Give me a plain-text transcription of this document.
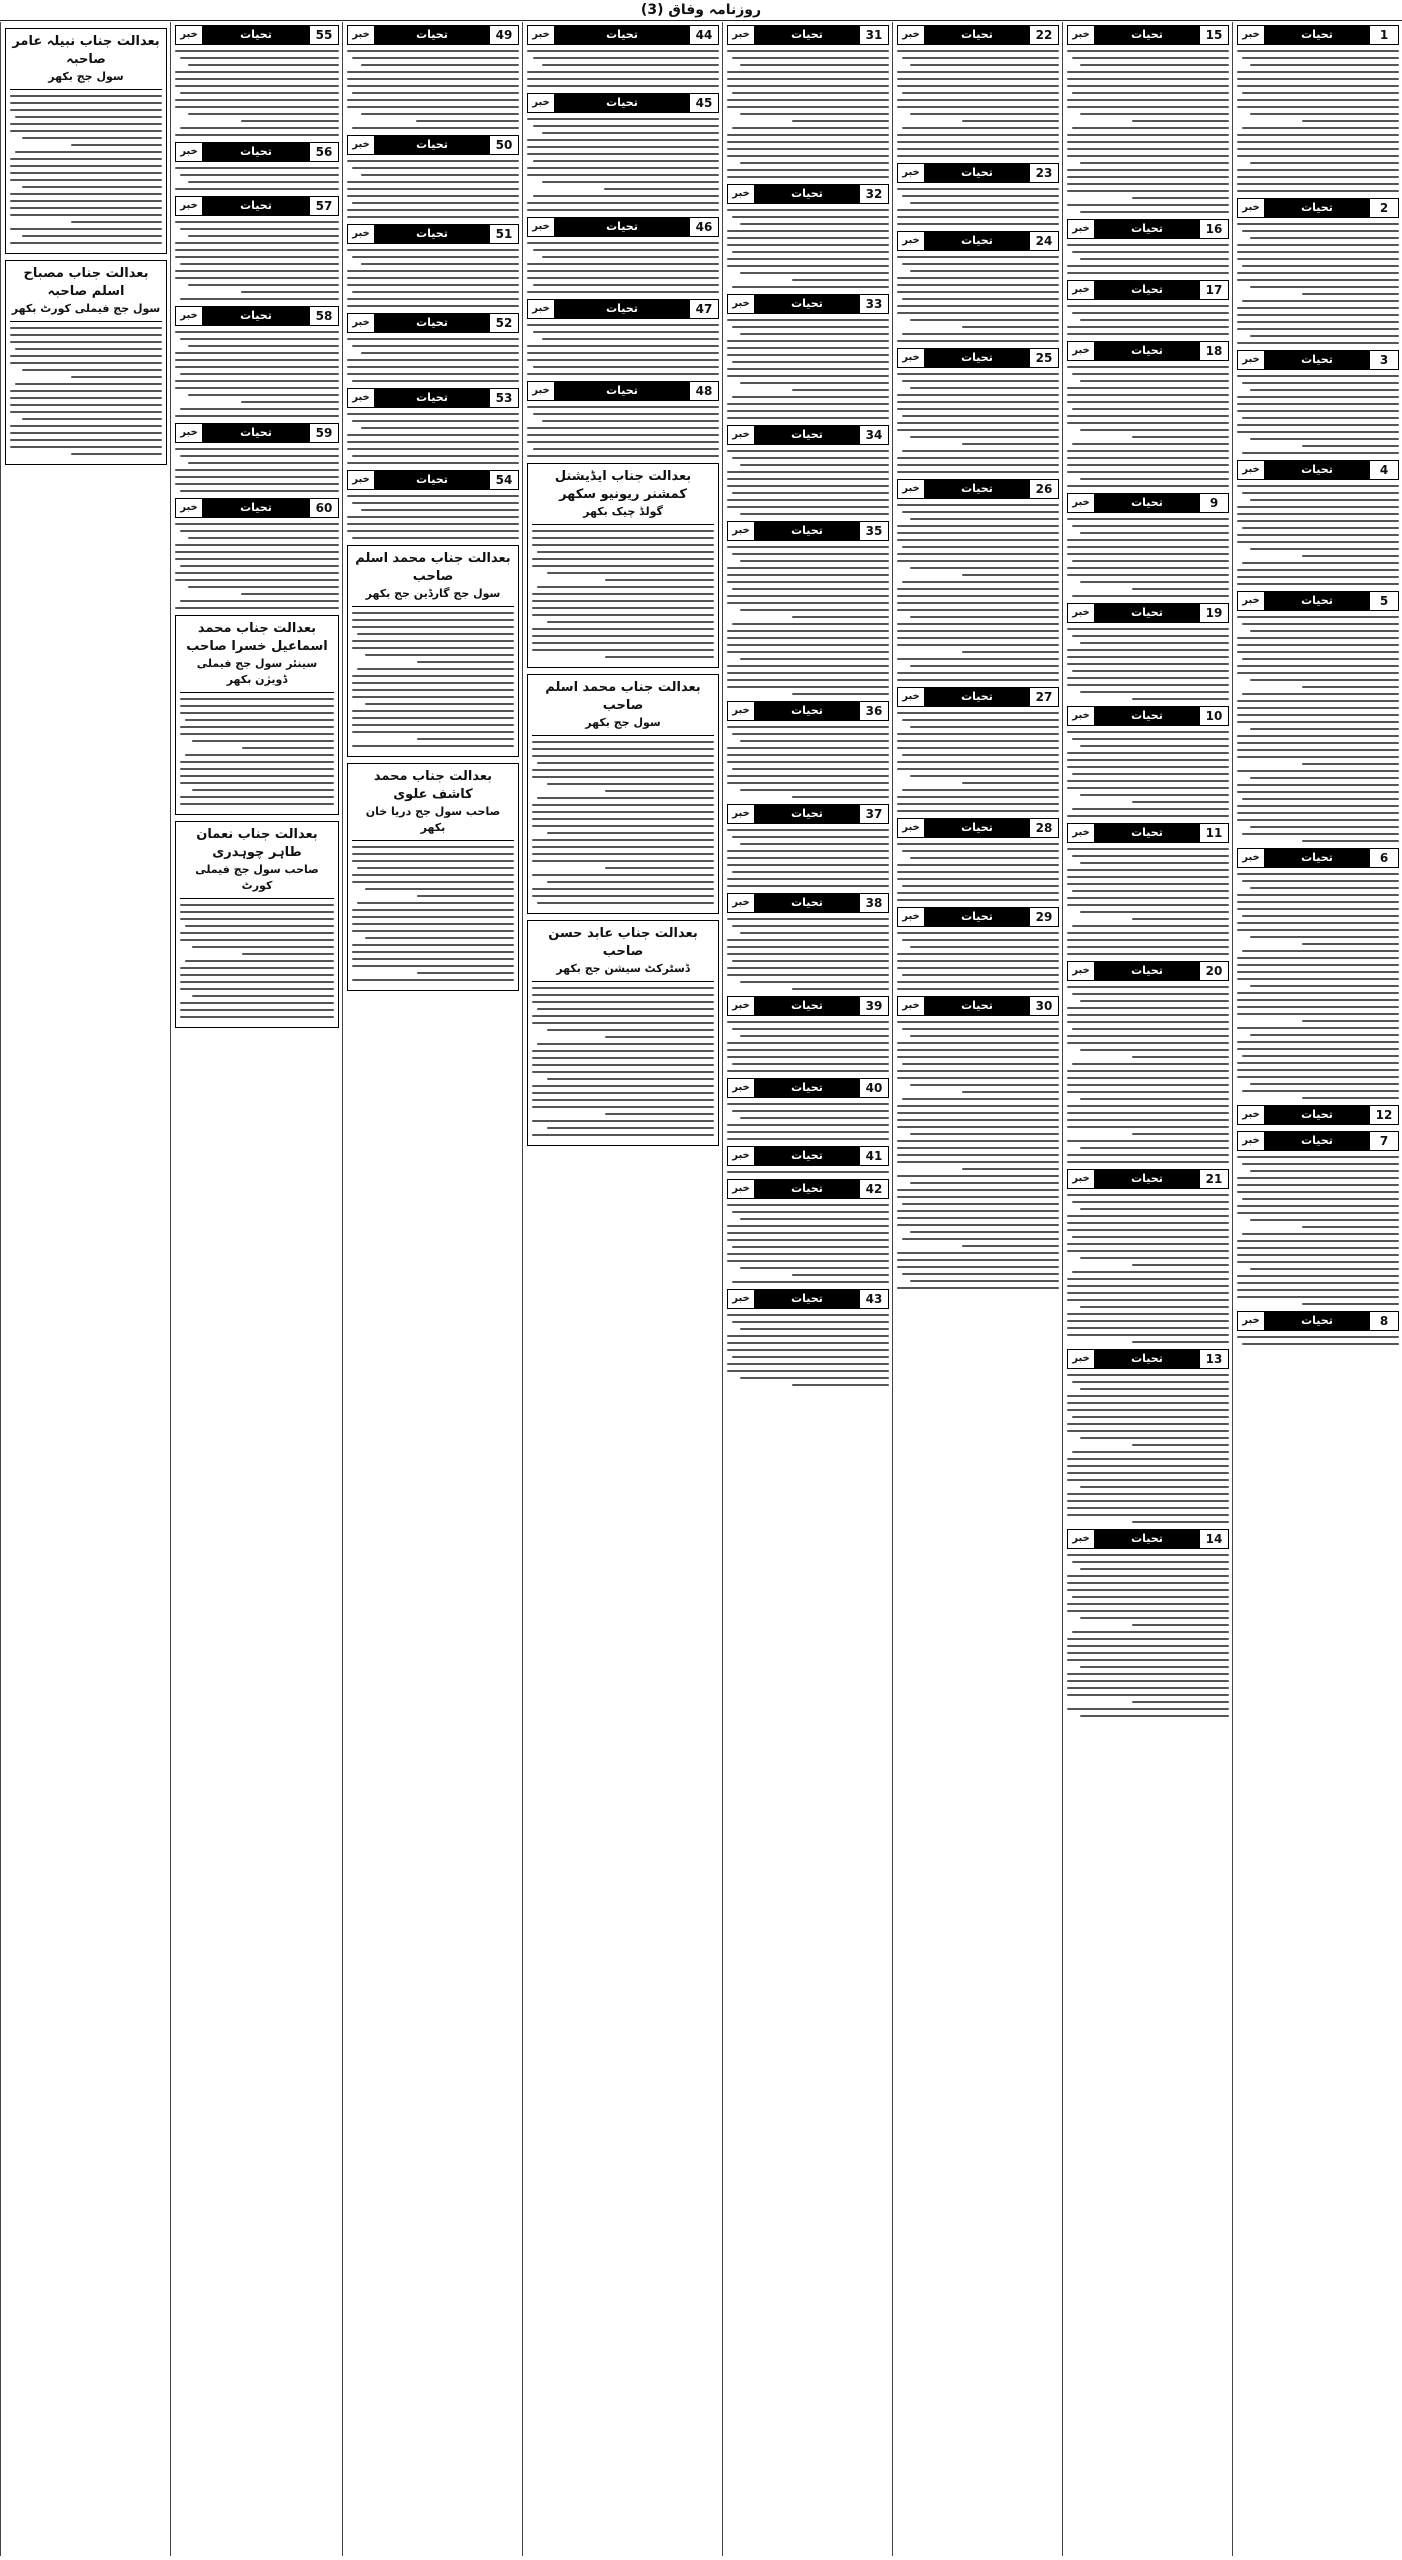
روزنامہ وفاق (3)
1
تحیات
خبر
2
تحیات
خبر
3
تحیات
خبر
4
تحیات
خبر
5
تحیات
خبر
6
تحیات
خبر
12
تحیات
خبر
7
تحیات
خبر
8
تحیات
خبر
15
تحیات
خبر
16
تحیات
خبر
17
تحیات
خبر
18
تحیات
خبر
9
تحیات
خبر
19
تحیات
خبر
10
تحیات
خبر
11
تحیات
خبر
20
تحیات
خبر
21
تحیات
خبر
13
تحیات
خبر
14
تحیات
خبر
22
تحیات
خبر
23
تحیات
خبر
24
تحیات
خبر
25
تحیات
خبر
26
تحیات
خبر
27
تحیات
خبر
28
تحیات
خبر
29
تحیات
خبر
30
تحیات
خبر
31
تحیات
خبر
32
تحیات
خبر
33
تحیات
خبر
34
تحیات
خبر
35
تحیات
خبر
36
تحیات
خبر
37
تحیات
خبر
38
تحیات
خبر
39
تحیات
خبر
40
تحیات
خبر
41
تحیات
خبر
42
تحیات
خبر
43
تحیات
خبر
44
تحیات
خبر
45
تحیات
خبر
46
تحیات
خبر
47
تحیات
خبر
48
تحیات
خبر
بعدالت جناب ایڈیشنل کمشنر ریونیو سکھر
گولڈ چیک بکھر
بعدالت جناب محمد اسلم صاحب
سول جج بکھر
بعدالت جناب عابد حسن صاحب
ڈسٹرکٹ سیشن جج بکھر
49
تحیات
خبر
50
تحیات
خبر
51
تحیات
خبر
52
تحیات
خبر
53
تحیات
خبر
54
تحیات
خبر
بعدالت جناب محمد اسلم صاحب
سول جج گارڈین جج بکھر
بعدالت جناب محمد کاشف علوی
صاحب سول جج دریا خان بکھر
55
تحیات
خبر
56
تحیات
خبر
57
تحیات
خبر
58
تحیات
خبر
59
تحیات
خبر
60
تحیات
خبر
بعدالت جناب محمد اسماعیل خسرا صاحب
سینئر سول جج فیملی ڈویژن بکھر
بعدالت جناب نعمان طاہر چوہدری
صاحب سول جج فیملی کورٹ
بعدالت جناب نبیلہ عامر صاحبہ
سول جج بکھر
بعدالت جناب مصباح اسلم صاحبہ
سول جج فیملی کورٹ بکھر
